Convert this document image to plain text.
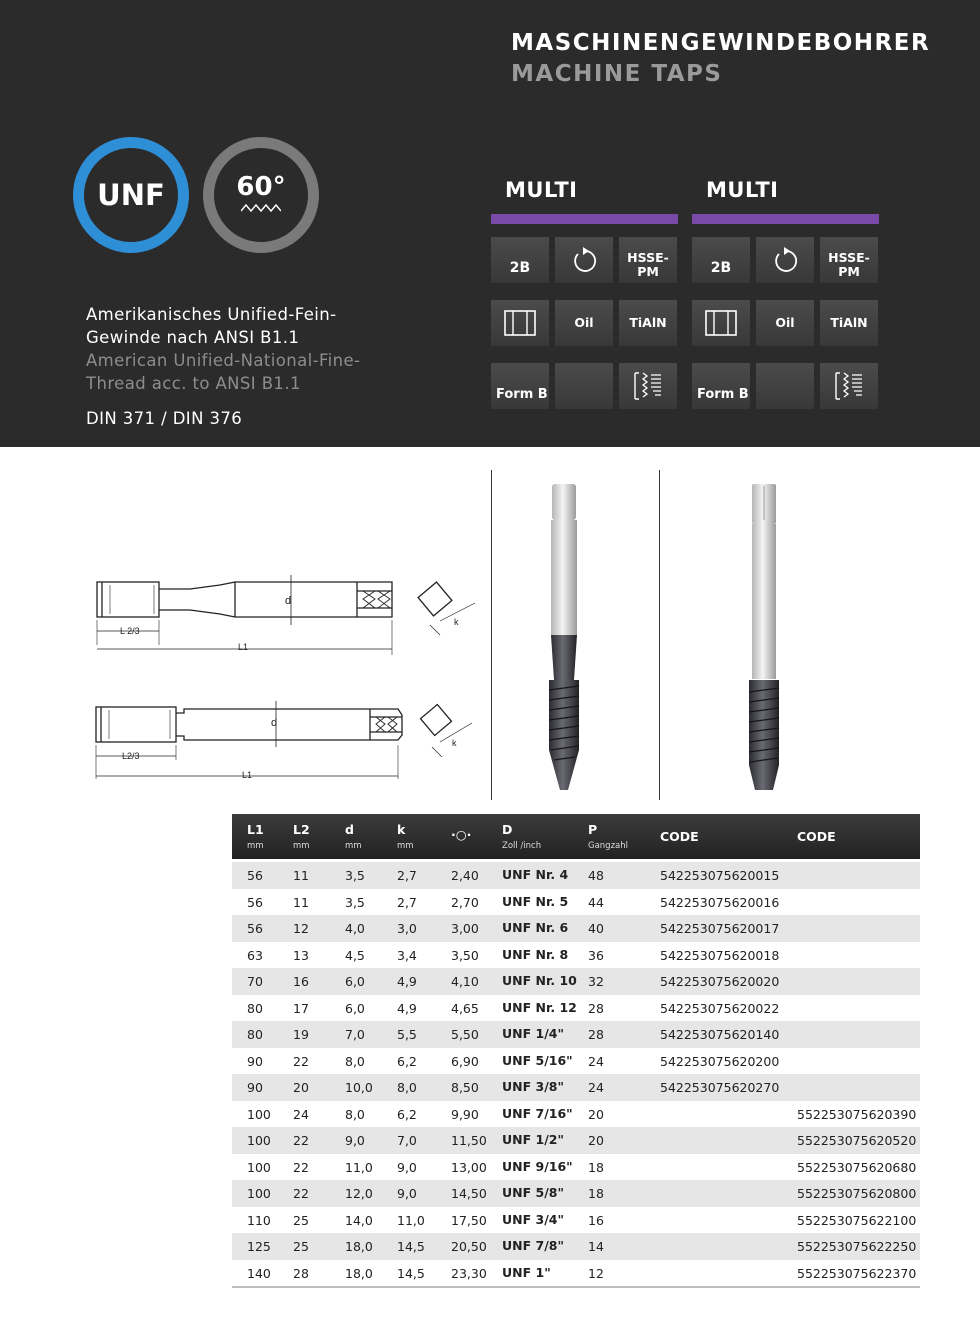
MASCHINENGEWINDEBOHRER
MACHINE TAPS
UNF	60°
Amerikanisches Unified-Fein-
Gewinde nach ANSI B1.1
American Unified-National-Fine-
Thread acc. to ANSI B1.1
DIN 371 / DIN 376
MULTI
2B
HSSE-
PM
Oil	TiAlN
Form B
MULTI
2B
HSSE-
PM
Oil	TiAlN
Form B
d
k
L 2/3
L1
d
k
L2/3
L1
L1
mm
L2
mm
d
mm
k
mm
·○· D
Zoll /inch
P
Gangzahl
CODE	CODE
56 11	3,5	2,7	2,40 UNF Nr. 4 48	542253075620015
56 11	3,5	2,7	2,70 UNF Nr. 5 44	542253075620016
56 12	4,0	3,0	3,00 UNF Nr. 6 40	542253075620017
63 13	4,5	3,4	3,50 UNF Nr. 8 36	542253075620018
70 16	6,0	4,9	4,10 UNF Nr. 10 32	542253075620020
80 17	6,0	4,9	4,65 UNF Nr. 12 28	542253075620022
80 19	7,0	5,5	5,50 UNF 1/4" 28	542253075620140
90 22	8,0	6,2	6,90 UNF 5/16" 24	542253075620200
90 20	10,0 8,0	8,50 UNF 3/8" 24	542253075620270
100 24	8,0	6,2	9,90 UNF 7/16" 20	552253075620390
100 22	9,0	7,0	11,50 UNF 1/2" 20	552253075620520
100 22	11,0 9,0	13,00 UNF 9/16" 18	552253075620680
100 22	12,0 9,0	14,50 UNF 5/8" 18	552253075620800
110 25	14,0 11,0 17,50 UNF 3/4" 16	552253075622100
125 25	18,0 14,5 20,50 UNF 7/8" 14	552253075622250
140 28	18,0 14,5 23,30 UNF 1"	12	552253075622370
